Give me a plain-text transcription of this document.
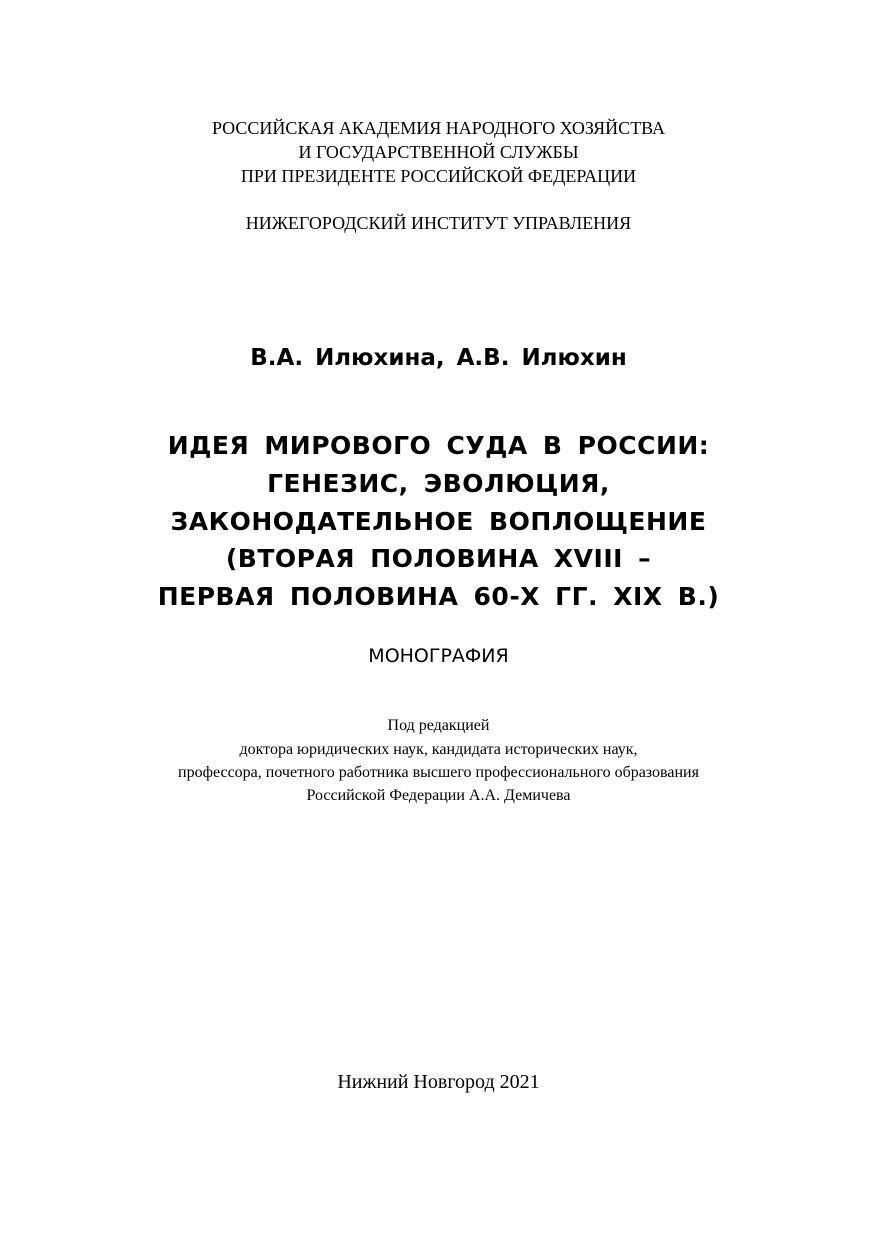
РОССИЙСКАЯ АКАДЕМИЯ НАРОДНОГО ХОЗЯЙСТВА
И ГОСУДАРСТВЕННОЙ СЛУЖБЫ
ПРИ ПРЕЗИДЕНТЕ РОССИЙСКОЙ ФЕДЕРАЦИИ
НИЖЕГОРОДСКИЙ ИНСТИТУТ УПРАВЛЕНИЯ
В.А. Илюхина, А.В. Илюхин
ИДЕЯ МИРОВОГО СУДА В РОССИИ:
ГЕНЕЗИС, ЭВОЛЮЦИЯ,
ЗАКОНОДАТЕЛЬНОЕ ВОПЛОЩЕНИЕ
(ВТОРАЯ ПОЛОВИНА XVIII –
ПЕРВАЯ ПОЛОВИНА 60-Х ГГ. XIX В.)
МОНОГРАФИЯ
Под редакцией
доктора юридических наук, кандидата исторических наук,
профессора, почетного работника высшего профессионального образования
Российской Федерации А.А. Демичева
Нижний Новгород 2021
